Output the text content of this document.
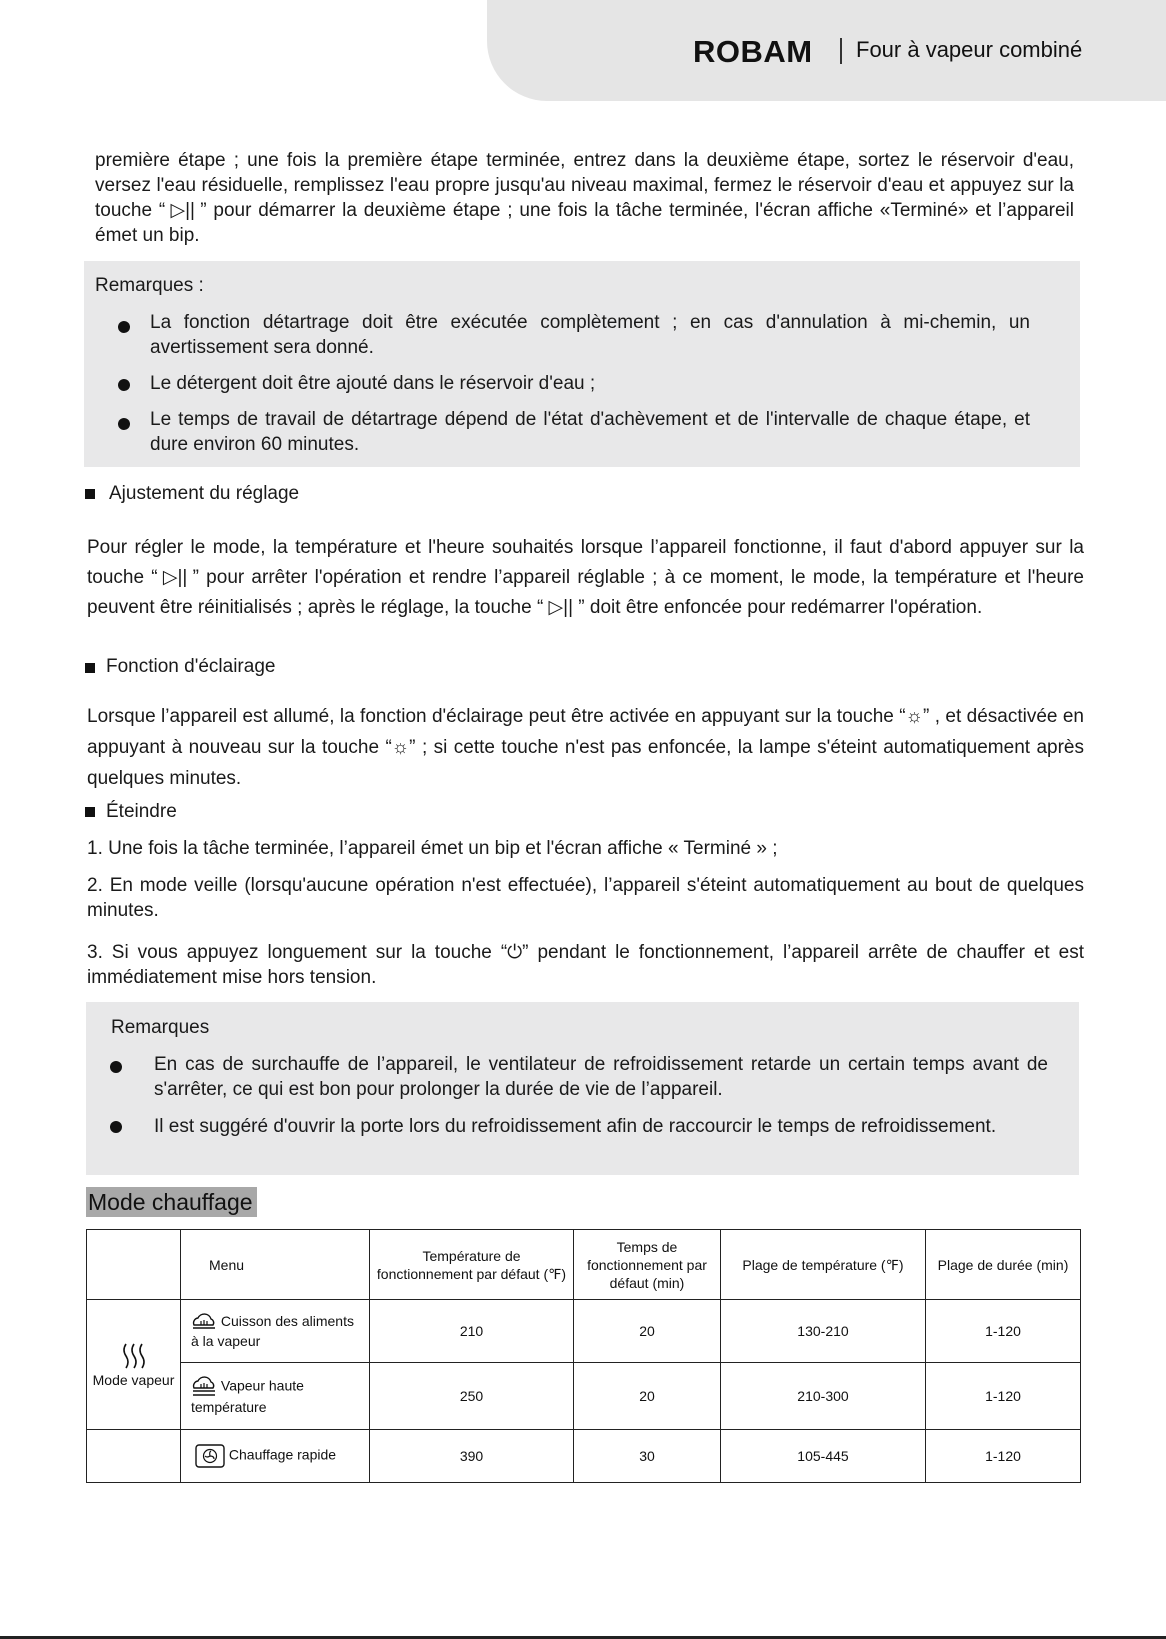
ROBAM Four à vapeur combiné

première étape ; une fois la première étape terminée, entrez dans la deuxième étape, sortez le réservoir d'eau, versez l'eau résiduelle, remplissez l'eau propre jusqu'au niveau maximal, fermez le réservoir d'eau et appuyez sur la touche “ ▷|| ” pour démarrer la deuxième étape ; une fois la tâche terminée, l'écran affiche «Terminé» et l’appareil émet un bip.

Remarques :
La fonction détartrage doit être exécutée complètement ; en cas d'annulation à mi-chemin, un avertissement sera donné.
Le détergent doit être ajouté dans le réservoir d'eau ;
Le temps de travail de détartrage dépend de l'état d'achèvement et de l'intervalle de chaque étape, et dure environ 60 minutes.
Ajustement du réglage

Pour régler le mode, la température et l'heure souhaités lorsque l’appareil fonctionne, il faut d'abord appuyer sur la touche “ ▷|| ” pour arrêter l'opération et rendre l’appareil réglable ; à ce moment, le mode, la température et l'heure peuvent être réinitialisés ; après le réglage, la touche “ ▷|| ” doit être enfoncée pour redémarrer l'opération.

Fonction d'éclairage

Lorsque l’appareil est allumé, la fonction d'éclairage peut être activée en appuyant sur la touche “☼” , et désactivée en appuyant à nouveau sur la touche “☼” ; si cette touche n'est pas enfoncée, la lampe s'éteint automatiquement après quelques minutes.

Éteindre
1. Une fois la tâche terminée, l’appareil émet un bip et l'écran affiche « Terminé » ;
2. En mode veille (lorsqu'aucune opération n'est effectuée), l’appareil s'éteint automatiquement au bout de quelques minutes.

3. Si vous appuyez longuement sur la touche “⏻” pendant le fonctionnement, l’appareil arrête de chauffer et est immédiatement mise hors tension.

Remarques
En cas de surchauffe de l’appareil, le ventilateur de refroidissement retarde un certain temps avant de s'arrêter, ce qui est bon pour prolonger la durée de vie de l’appareil.
Il est suggéré d'ouvrir la porte lors du refroidissement afin de raccourcir le temps de refroidissement.
Mode chauffage
	Menu	Température de fonctionnement par défaut (℉)	Temps de fonctionnement par défaut (min)	Plage de température (℉)	Plage de durée (min)

Mode vapeur	Cuisson des aliments à la vapeur	210	20	130-210	1-120
	Vapeur haute température	250	20	210-300	1-120
	Chauffage rapide	390	30	105-445	1-120
